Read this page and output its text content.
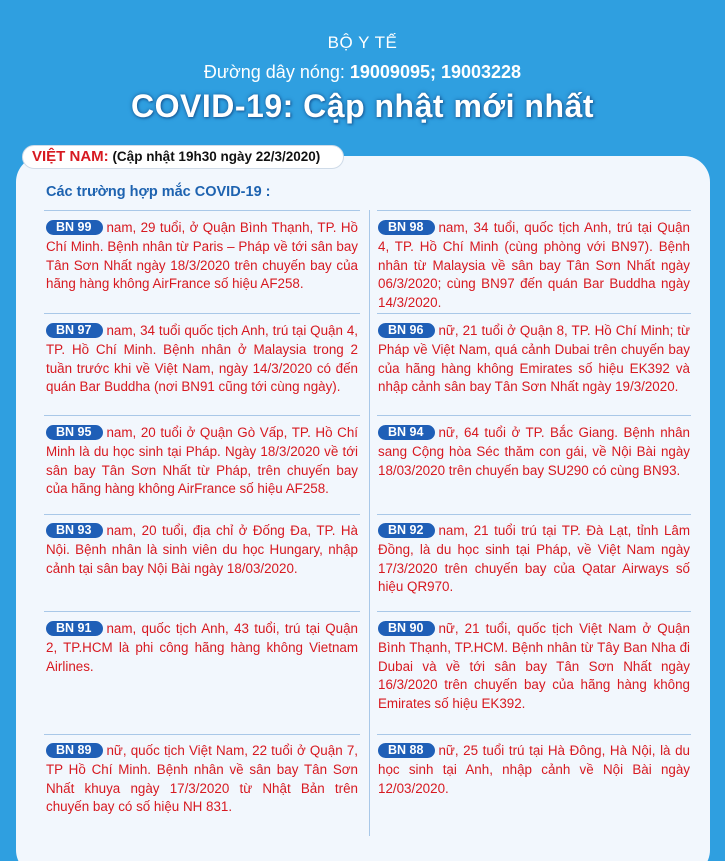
BỘ Y TẾ
Đường dây nóng: 19009095; 19003228
COVID-19: Cập nhật mới nhất
VIỆT NAM: (Cập nhật 19h30 ngày 22/3/2020)
Các trường hợp mắc COVID-19 :
BN 99 nam, 29 tuổi, ở Quận Bình Thạnh, TP. Hồ Chí Minh. Bệnh nhân từ Paris – Pháp về tới sân bay Tân Sơn Nhất ngày 18/3/2020 trên chuyến bay của hãng hàng không AirFrance số hiệu AF258.
BN 98 nam, 34 tuổi, quốc tịch Anh, trú tại Quận 4, TP. Hồ Chí Minh (cùng phòng với BN97). Bệnh nhân từ Malaysia về sân bay Tân Sơn Nhất ngày 06/3/2020; cùng BN97 đến quán Bar Buddha ngày 14/3/2020.
BN 97 nam, 34 tuổi quốc tịch Anh, trú tại Quận 4, TP. Hồ Chí Minh. Bệnh nhân ở Malaysia trong 2 tuần trước khi về Việt Nam, ngày 14/3/2020 có đến quán Bar Buddha (nơi BN91 cũng tới cùng ngày).
BN 96 nữ, 21 tuổi ở Quận 8, TP. Hồ Chí Minh; từ Pháp về Việt Nam, quá cảnh Dubai trên chuyến bay của hãng hàng không Emirates số hiệu EK392 và nhập cảnh sân bay Tân Sơn Nhất ngày 19/3/2020.
BN 95 nam, 20 tuổi ở Quận Gò Vấp, TP. Hồ Chí Minh là du học sinh tại Pháp. Ngày 18/3/2020 về tới sân bay Tân Sơn Nhất từ Pháp, trên chuyến bay của hãng hàng không AirFrance số hiệu AF258.
BN 94 nữ, 64 tuổi ở TP. Bắc Giang. Bệnh nhân sang Cộng hòa Séc thăm con gái, về Nội Bài ngày 18/03/2020 trên chuyến bay SU290 có cùng BN93.
BN 93 nam, 20 tuổi, địa chỉ ở Đống Đa, TP. Hà Nội. Bệnh nhân là sinh viên du học Hungary, nhập cảnh tại sân bay Nội Bài ngày 18/03/2020.
BN 92 nam, 21 tuổi trú tại TP. Đà Lạt, tỉnh Lâm Đồng, là du học sinh tại Pháp, về Việt Nam ngày 17/3/2020 trên chuyến bay của Qatar Airways số hiệu QR970.
BN 91 nam, quốc tịch Anh, 43 tuổi, trú tại Quận 2, TP.HCM là phi công hãng hàng không Vietnam Airlines.
BN 90 nữ, 21 tuổi, quốc tịch Việt Nam ở Quận Bình Thạnh, TP.HCM. Bệnh nhân từ Tây Ban Nha đi Dubai và về tới sân bay Tân Sơn Nhất ngày 16/3/2020 trên chuyến bay của hãng hàng không Emirates số hiệu EK392.
BN 89 nữ, quốc tịch Việt Nam, 22 tuổi ở Quận 7, TP Hồ Chí Minh. Bệnh nhân về sân bay Tân Sơn Nhất khuya ngày 17/3/2020 từ Nhật Bản trên chuyến bay có số hiệu NH 831.
BN 88 nữ, 25 tuổi trú tại Hà Đông, Hà Nội, là du học sinh tại Anh, nhập cảnh về Nội Bài ngày 12/03/2020.
